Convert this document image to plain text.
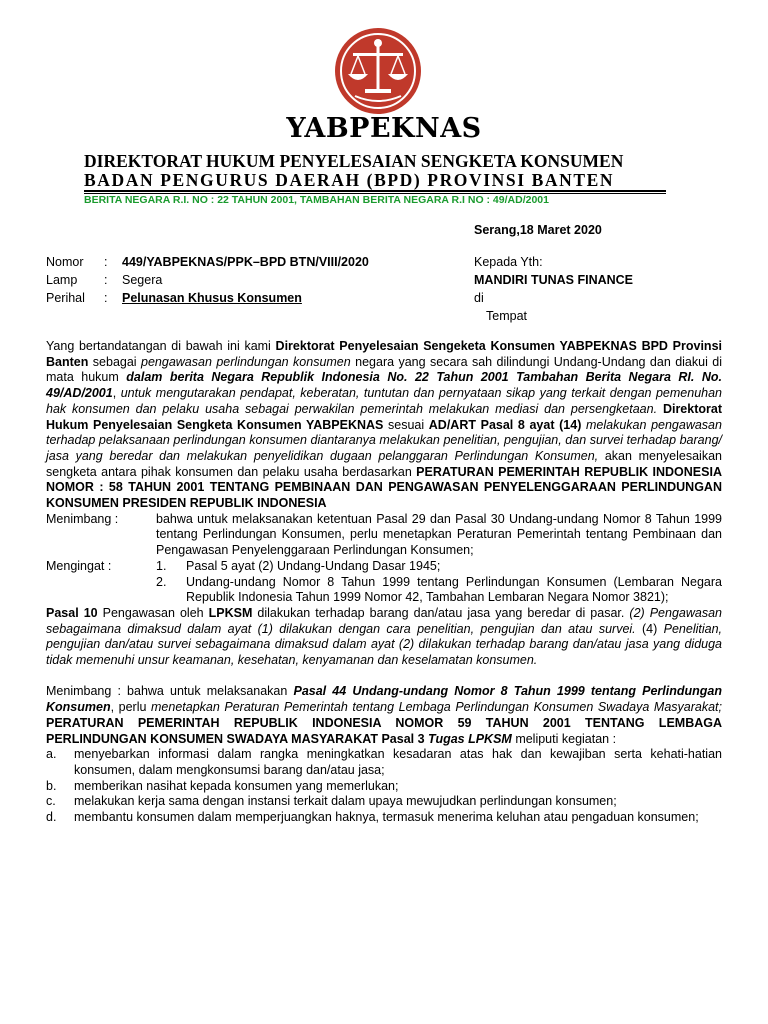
YABPEKNAS
DIREKTORAT HUKUM PENYELESAIAN SENGKETA KONSUMEN
BADAN PENGURUS DAERAH (BPD) PROVINSI BANTEN
BERITA NEGARA R.I. NO : 22 TAHUN 2001, TAMBAHAN BERITA NEGARA R.I NO : 49/AD/2001
Serang,18 Maret 2020
Nomor : 449/YABPEKNAS/PPK–BPD BTN/VIII/2020
Lamp : Segera
Perihal : Pelunasan Khusus Konsumen
Kepada Yth:
MANDIRI TUNAS FINANCE
di
Tempat
Yang bertandatangan di bawah ini kami Direktorat Penyelesaian Sengeketa Konsumen YABPEKNAS BPD Provinsi Banten sebagai pengawasan perlindungan konsumen negara yang secara sah dilindungi Undang-Undang dan diakui di mata hukum dalam berita Negara Republik Indonesia No. 22 Tahun 2001 Tambahan Berita Negara RI. No. 49/AD/2001, untuk mengutarakan pendapat, keberatan, tuntutan dan pernyataan sikap yang terkait dengan pemenuhan hak konsumen dan pelaku usaha sebagai perwakilan pemerintah melakukan mediasi dan persengketaan. Direktorat Hukum Penyelesaian Sengketa Konsumen YABPEKNAS sesuai AD/ART Pasal 8 ayat (14) melakukan pengawasan terhadap pelaksanaan perlindungan konsumen diantaranya melakukan penelitian, pengujian, dan survei terhadap barang/ jasa yang beredar dan melakukan penyelidikan dugaan pelanggaran Perlindungan Konsumen, akan menyelesaikan sengketa antara pihak konsumen dan pelaku usaha berdasarkan PERATURAN PEMERINTAH REPUBLIK INDONESIA NOMOR : 58 TAHUN 2001 TENTANG PEMBINAAN DAN PENGAWASAN PENYELENGGARAAN PERLINDUNGAN KONSUMEN PRESIDEN REPUBLIK INDONESIA
Menimbang :	bahwa untuk melaksanakan ketentuan Pasal 29 dan Pasal 30 Undang-undang Nomor 8 Tahun 1999 tentang Perlindungan Konsumen, perlu menetapkan Peraturan Pemerintah tentang Pembinaan dan Pengawasan Penyelenggaraan Perlindungan Konsumen;
Mengingat :	1.	Pasal 5 ayat (2) Undang-Undang Dasar 1945;
2.	Undang-undang Nomor 8 Tahun 1999 tentang Perlindungan Konsumen (Lembaran Negara Republik Indonesia Tahun 1999 Nomor 42, Tambahan Lembaran Negara Nomor 3821);
Pasal 10 Pengawasan oleh LPKSM dilakukan terhadap barang dan/atau jasa yang beredar di pasar. (2) Pengawasan sebagaimana dimaksud dalam ayat (1) dilakukan dengan cara penelitian, pengujian dan atau survei. (4) Penelitian, pengujian dan/atau survei sebagaimana dimaksud dalam ayat (2) dilakukan terhadap barang dan/atau jasa yang diduga tidak memenuhi unsur keamanan, kesehatan, kenyamanan dan keselamatan konsumen.
Menimbang : bahwa untuk melaksanakan Pasal 44 Undang-undang Nomor 8 Tahun 1999 tentang Perlindungan Konsumen, perlu menetapkan Peraturan Pemerintah tentang Lembaga Perlindungan Konsumen Swadaya Masyarakat; PERATURAN PEMERINTAH REPUBLIK INDONESIA NOMOR 59 TAHUN 2001 TENTANG LEMBAGA PERLINDUNGAN KONSUMEN SWADAYA MASYARAKAT Pasal 3 Tugas LPKSM meliputi kegiatan :
a.	menyebarkan informasi dalam rangka meningkatkan kesadaran atas hak dan kewajiban serta kehati-hatian konsumen, dalam mengkonsumsi barang dan/atau jasa;
b.	memberikan nasihat kepada konsumen yang memerlukan;
c.	melakukan kerja sama dengan instansi terkait dalam upaya mewujudkan perlindungan konsumen;
d.	membantu konsumen dalam memperjuangkan haknya, termasuk menerima keluhan atau pengaduan konsumen;
